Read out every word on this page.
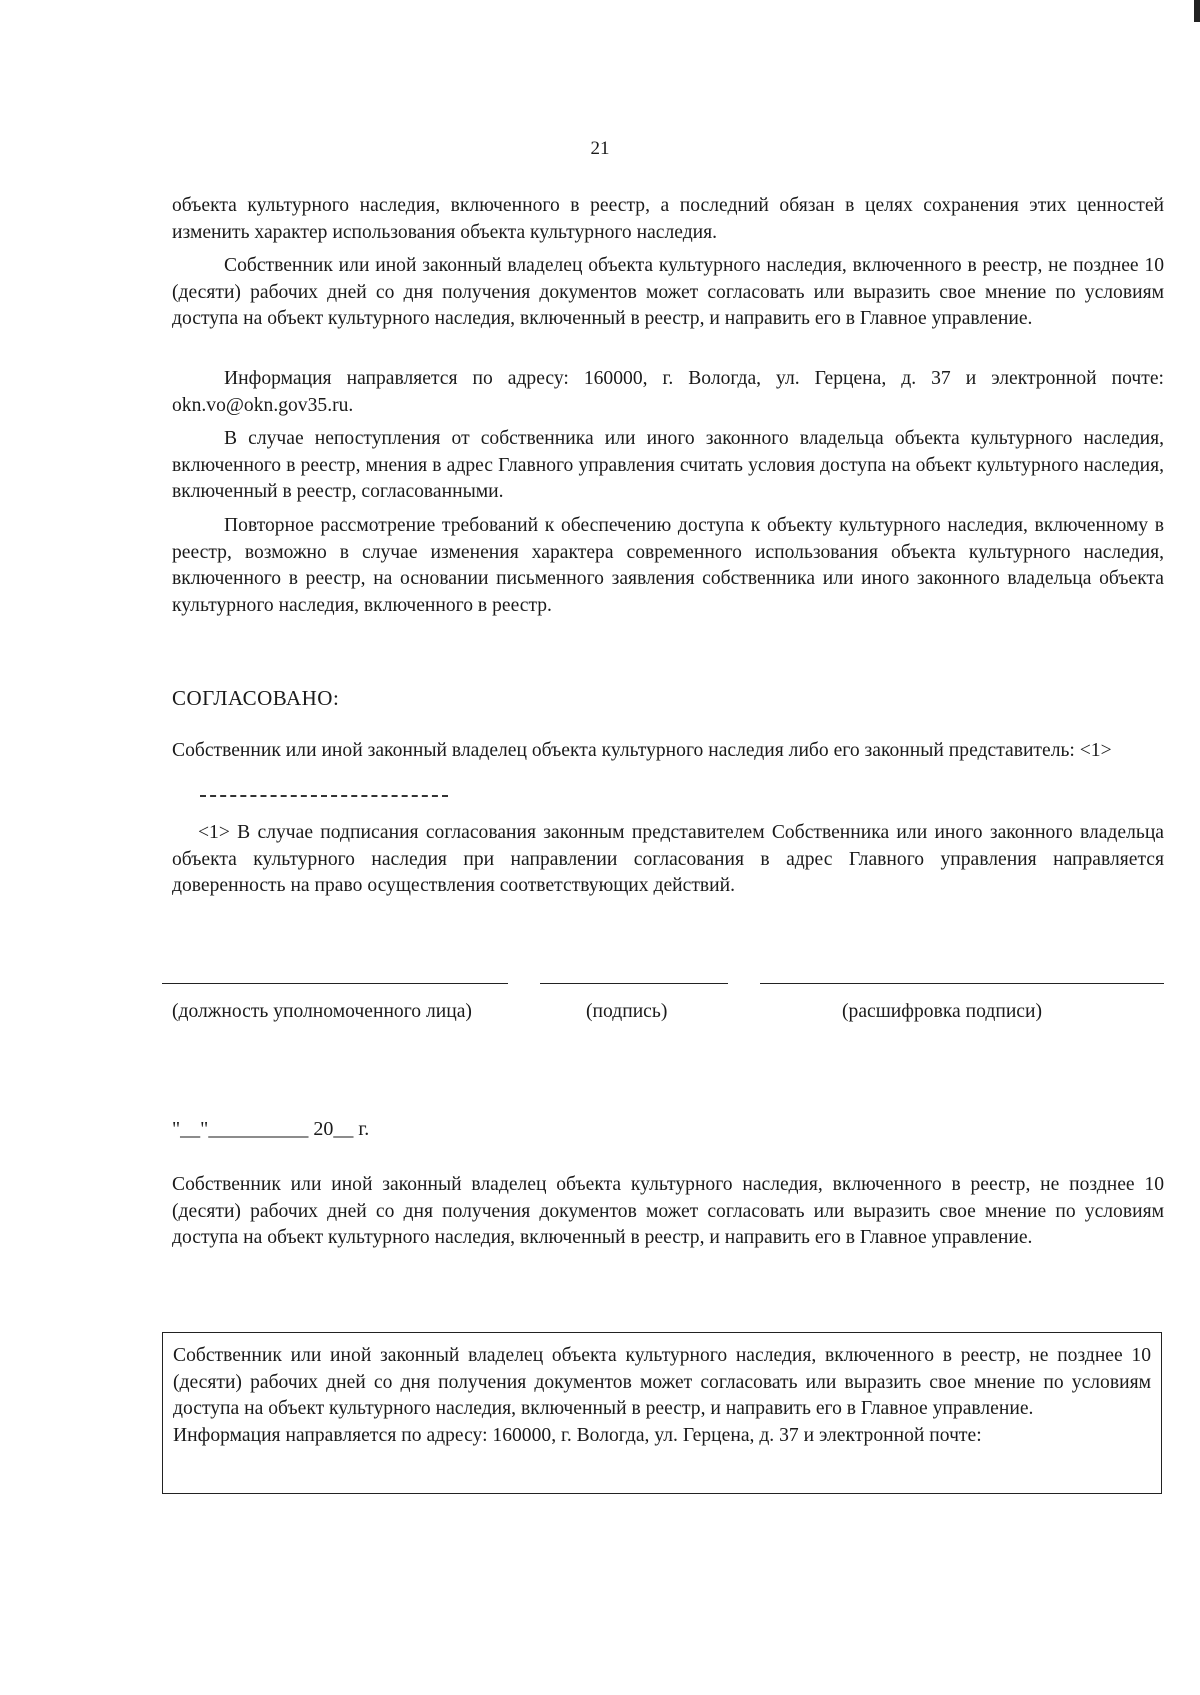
21

объекта культурного наследия, включенного в реестр, а последний обязан в целях сохранения этих ценностей изменить характер использования объекта культурного наследия.

Собственник или иной законный владелец объекта культурного наследия, включенного в реестр, не позднее 10 (десяти) рабочих дней со дня получения документов может согласовать или выразить свое мнение по условиям доступа на объект культурного наследия, включенный в реестр, и направить его в Главное управление.

Информация направляется по адресу: 160000, г. Вологда, ул. Герцена, д. 37 и электронной почте: okn.vo@okn.gov35.ru.

В случае непоступления от собственника или иного законного владельца объекта культурного наследия, включенного в реестр, мнения в адрес Главного управления считать условия доступа на объект культурного наследия, включенный в реестр, согласованными.

Повторное рассмотрение требований к обеспечению доступа к объекту культурного наследия, включенному в реестр, возможно в случае изменения характера современного использования объекта культурного наследия, включенного в реестр, на основании письменного заявления собственника или иного законного владельца объекта культурного наследия, включенного в реестр.

СОГЛАСОВАНО:

Собственник или иной законный владелец объекта культурного наследия либо его законный представитель: <1>

<1> В случае подписания согласования законным представителем Собственника или иного законного владельца объекта культурного наследия при направлении согласования в адрес Главного управления направляется доверенность на право осуществления соответствующих действий.

(должность уполномоченного лица)	(подпись)	(расшифровка подписи)
"__"__________ 20__ г.

Собственник или иной законный владелец объекта культурного наследия, включенного в реестр, не позднее 10 (десяти) рабочих дней со дня получения документов может согласовать или выразить свое мнение по условиям доступа на объект культурного наследия, включенный в реестр, и направить его в Главное управление.

Собственник или иной законный владелец объекта культурного наследия, включенного в реестр, не позднее 10 (десяти) рабочих дней со дня получения документов может согласовать или выразить свое мнение по условиям доступа на объект культурного наследия, включенный в реестр, и направить его в Главное управление.

Информация направляется по адресу: 160000, г. Вологда, ул. Герцена, д. 37 и электронной почте:
